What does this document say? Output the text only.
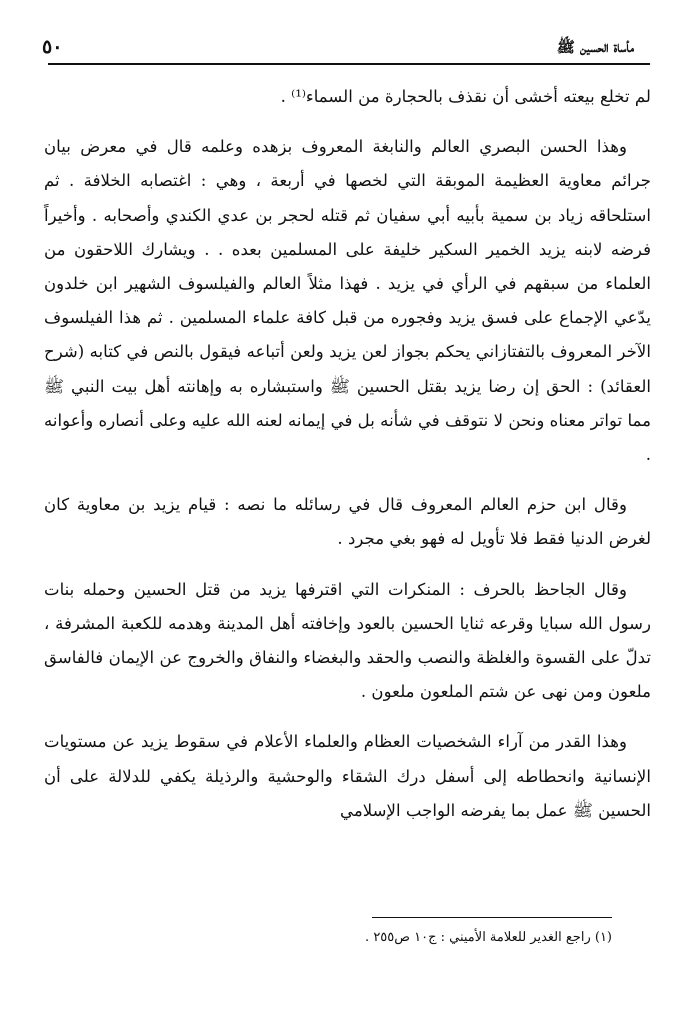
٥٠	مأساة الحسين ﷺ

لم تخلع بيعته أخشى أن نقذف بالحجارة من السماء⁽¹⁾ .

وهذا الحسن البصري العالم والنابغة المعروف بزهده وعلمه قال في معرض بيان جرائم معاوية العظيمة الموبقة التي لخصها في أربعة ، وهي : اغتصابه الخلافة . ثم استلحاقه زياد بن سمية بأبيه أبي سفيان ثم قتله لحجر بن عدي الكندي وأصحابه . وأخيراً فرضه لابنه يزيد الخمير السكير خليفة على المسلمين بعده . . ويشارك اللاحقون من العلماء من سبقهم في الرأي في يزيد . فهذا مثلاً العالم والفيلسوف الشهير ابن خلدون يدّعي الإجماع على فسق يزيد وفجوره من قبل كافة علماء المسلمين . ثم هذا الفيلسوف الآخر المعروف بالتفتازاني يحكم بجواز لعن يزيد ولعن أتباعه فيقول بالنص في كتابه (شرح العقائد) : الحق إن رضا يزيد بقتل الحسين ﷺ واستبشاره به وإهانته أهل بيت النبي ﷺ مما تواتر معناه ونحن لا نتوقف في شأنه بل في إيمانه لعنه الله عليه وعلى أنصاره وأعوانه .

وقال ابن حزم العالم المعروف قال في رسائله ما نصه : قيام يزيد بن معاوية كان لغرض الدنيا فقط فلا تأويل له فهو بغي مجرد .

وقال الجاحظ بالحرف : المنكرات التي اقترفها يزيد من قتل الحسين وحمله بنات رسول الله سبايا وقرعه ثنايا الحسين بالعود وإخافته أهل المدينة وهدمه للكعبة المشرفة ، تدلّ على القسوة والغلظة والنصب والحقد والبغضاء والنفاق والخروج عن الإيمان فالفاسق ملعون ومن نهى عن شتم الملعون ملعون .

وهذا القدر من آراء الشخصيات العظام والعلماء الأعلام في سقوط يزيد عن مستويات الإنسانية وانحطاطه إلى أسفل درك الشقاء والوحشية والرذيلة يكفي للدلالة على أن الحسين ﷺ عمل بما يفرضه الواجب الإسلامي

(١) راجع الغدير للعلامة الأميني : ج١٠ ص٢٥٥ .
